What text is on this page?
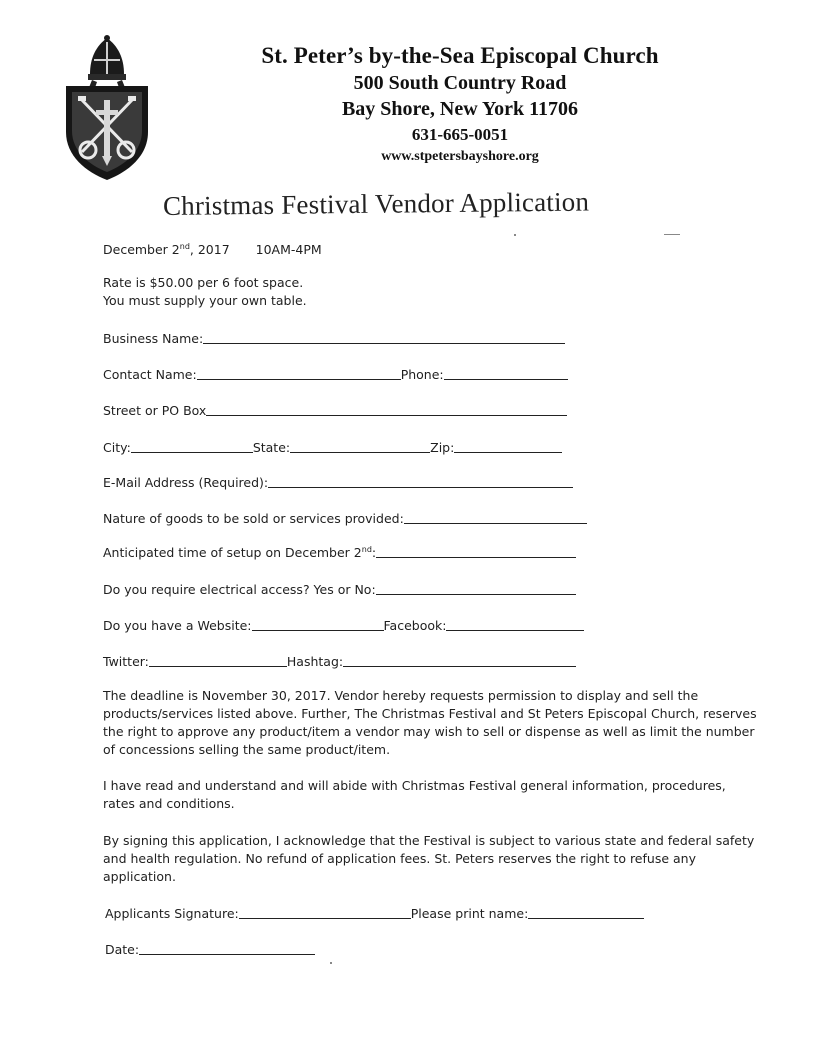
St. Peter’s by-the-Sea Episcopal Church
500 South Country Road
Bay Shore, New York 11706
631-665-0051
www.stpetersbayshore.org
Christmas Festival Vendor Application
December 2nd, 2017 10AM-4PM
Rate is $50.00 per 6 foot space.
You must supply your own table.
Business Name:
Contact Name:	Phone:
Street or PO Box
City:	State:	Zip:
E-Mail Address (Required):
Nature of goods to be sold or services provided:
Anticipated time of setup on December 2nd:
Do you require electrical access? Yes or No:
Do you have a Website:	Facebook:
Twitter:	Hashtag:
The deadline is November 30, 2017. Vendor hereby requests permission to display and sell the
products/services listed above. Further, The Christmas Festival and St Peters Episcopal Church, reserves
the right to approve any product/item a vendor may wish to sell or dispense as well as limit the number
of concessions selling the same product/item.
I have read and understand and will abide with Christmas Festival general information, procedures,
rates and conditions.
By signing this application, I acknowledge that the Festival is subject to various state and federal safety
and health regulation. No refund of application fees. St. Peters reserves the right to refuse any
application.
Applicants Signature:	Please print name:
Date:
